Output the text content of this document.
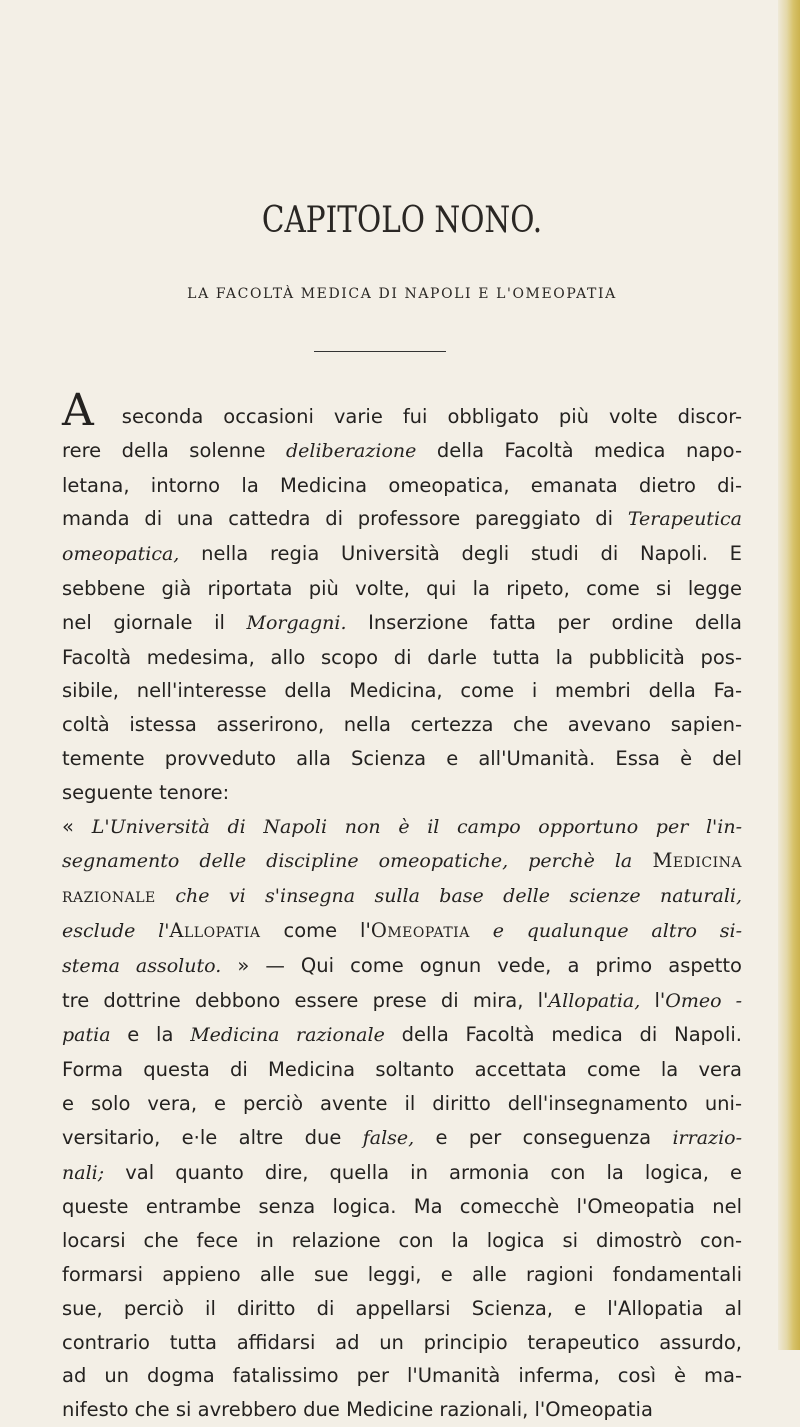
CAPITOLO NONO.
LA FACOLTÀ MEDICA DI NAPOLI E L'OMEOPATIA
A seconda occasioni varie fui obbligato più volte discor-
rere della solenne deliberazione della Facoltà medica napo-
letana, intorno la Medicina omeopatica, emanata dietro di-
manda di una cattedra di professore pareggiato di Terapeutica
omeopatica, nella regia Università degli studi di Napoli. E
sebbene già riportata più volte, qui la ripeto, come si legge
nel giornale il Morgagni. Inserzione fatta per ordine della
Facoltà medesima, allo scopo di darle tutta la pubblicità pos-
sibile, nell'interesse della Medicina, come i membri della Fa-
coltà istessa asserirono, nella certezza che avevano sapien-
temente provveduto alla Scienza e all'Umanità. Essa è del
seguente tenore:
« L'Università di Napoli non è il campo opportuno per l'in-
segnamento delle discipline omeopatiche, perchè la Medicina
razionale che vi s'insegna sulla base delle scienze naturali,
esclude l'Allopatia come l'Omeopatia e qualunque altro si-
stema assoluto. » — Qui come ognun vede, a primo aspetto
tre dottrine debbono essere prese di mira, l'Allopatia, l'Omeo -
patia e la Medicina razionale della Facoltà medica di Napoli.
Forma questa di Medicina soltanto accettata come la vera
e solo vera, e perciò avente il diritto dell'insegnamento uni-
versitario, e·le altre due false, e per conseguenza irrazio-
nali; val quanto dire, quella in armonia con la logica, e
queste entrambe senza logica. Ma comecchè l'Omeopatia nel
locarsi che fece in relazione con la logica si dimostrò con-
formarsi appieno alle sue leggi, e alle ragioni fondamentali
sue, perciò il diritto di appellarsi Scienza, e l'Allopatia al
contrario tutta affidarsi ad un principio terapeutico assurdo,
ad un dogma fatalissimo per l'Umanità inferma, così è ma-
nifesto che si avrebbero due Medicine razionali, l'Omeopatia
